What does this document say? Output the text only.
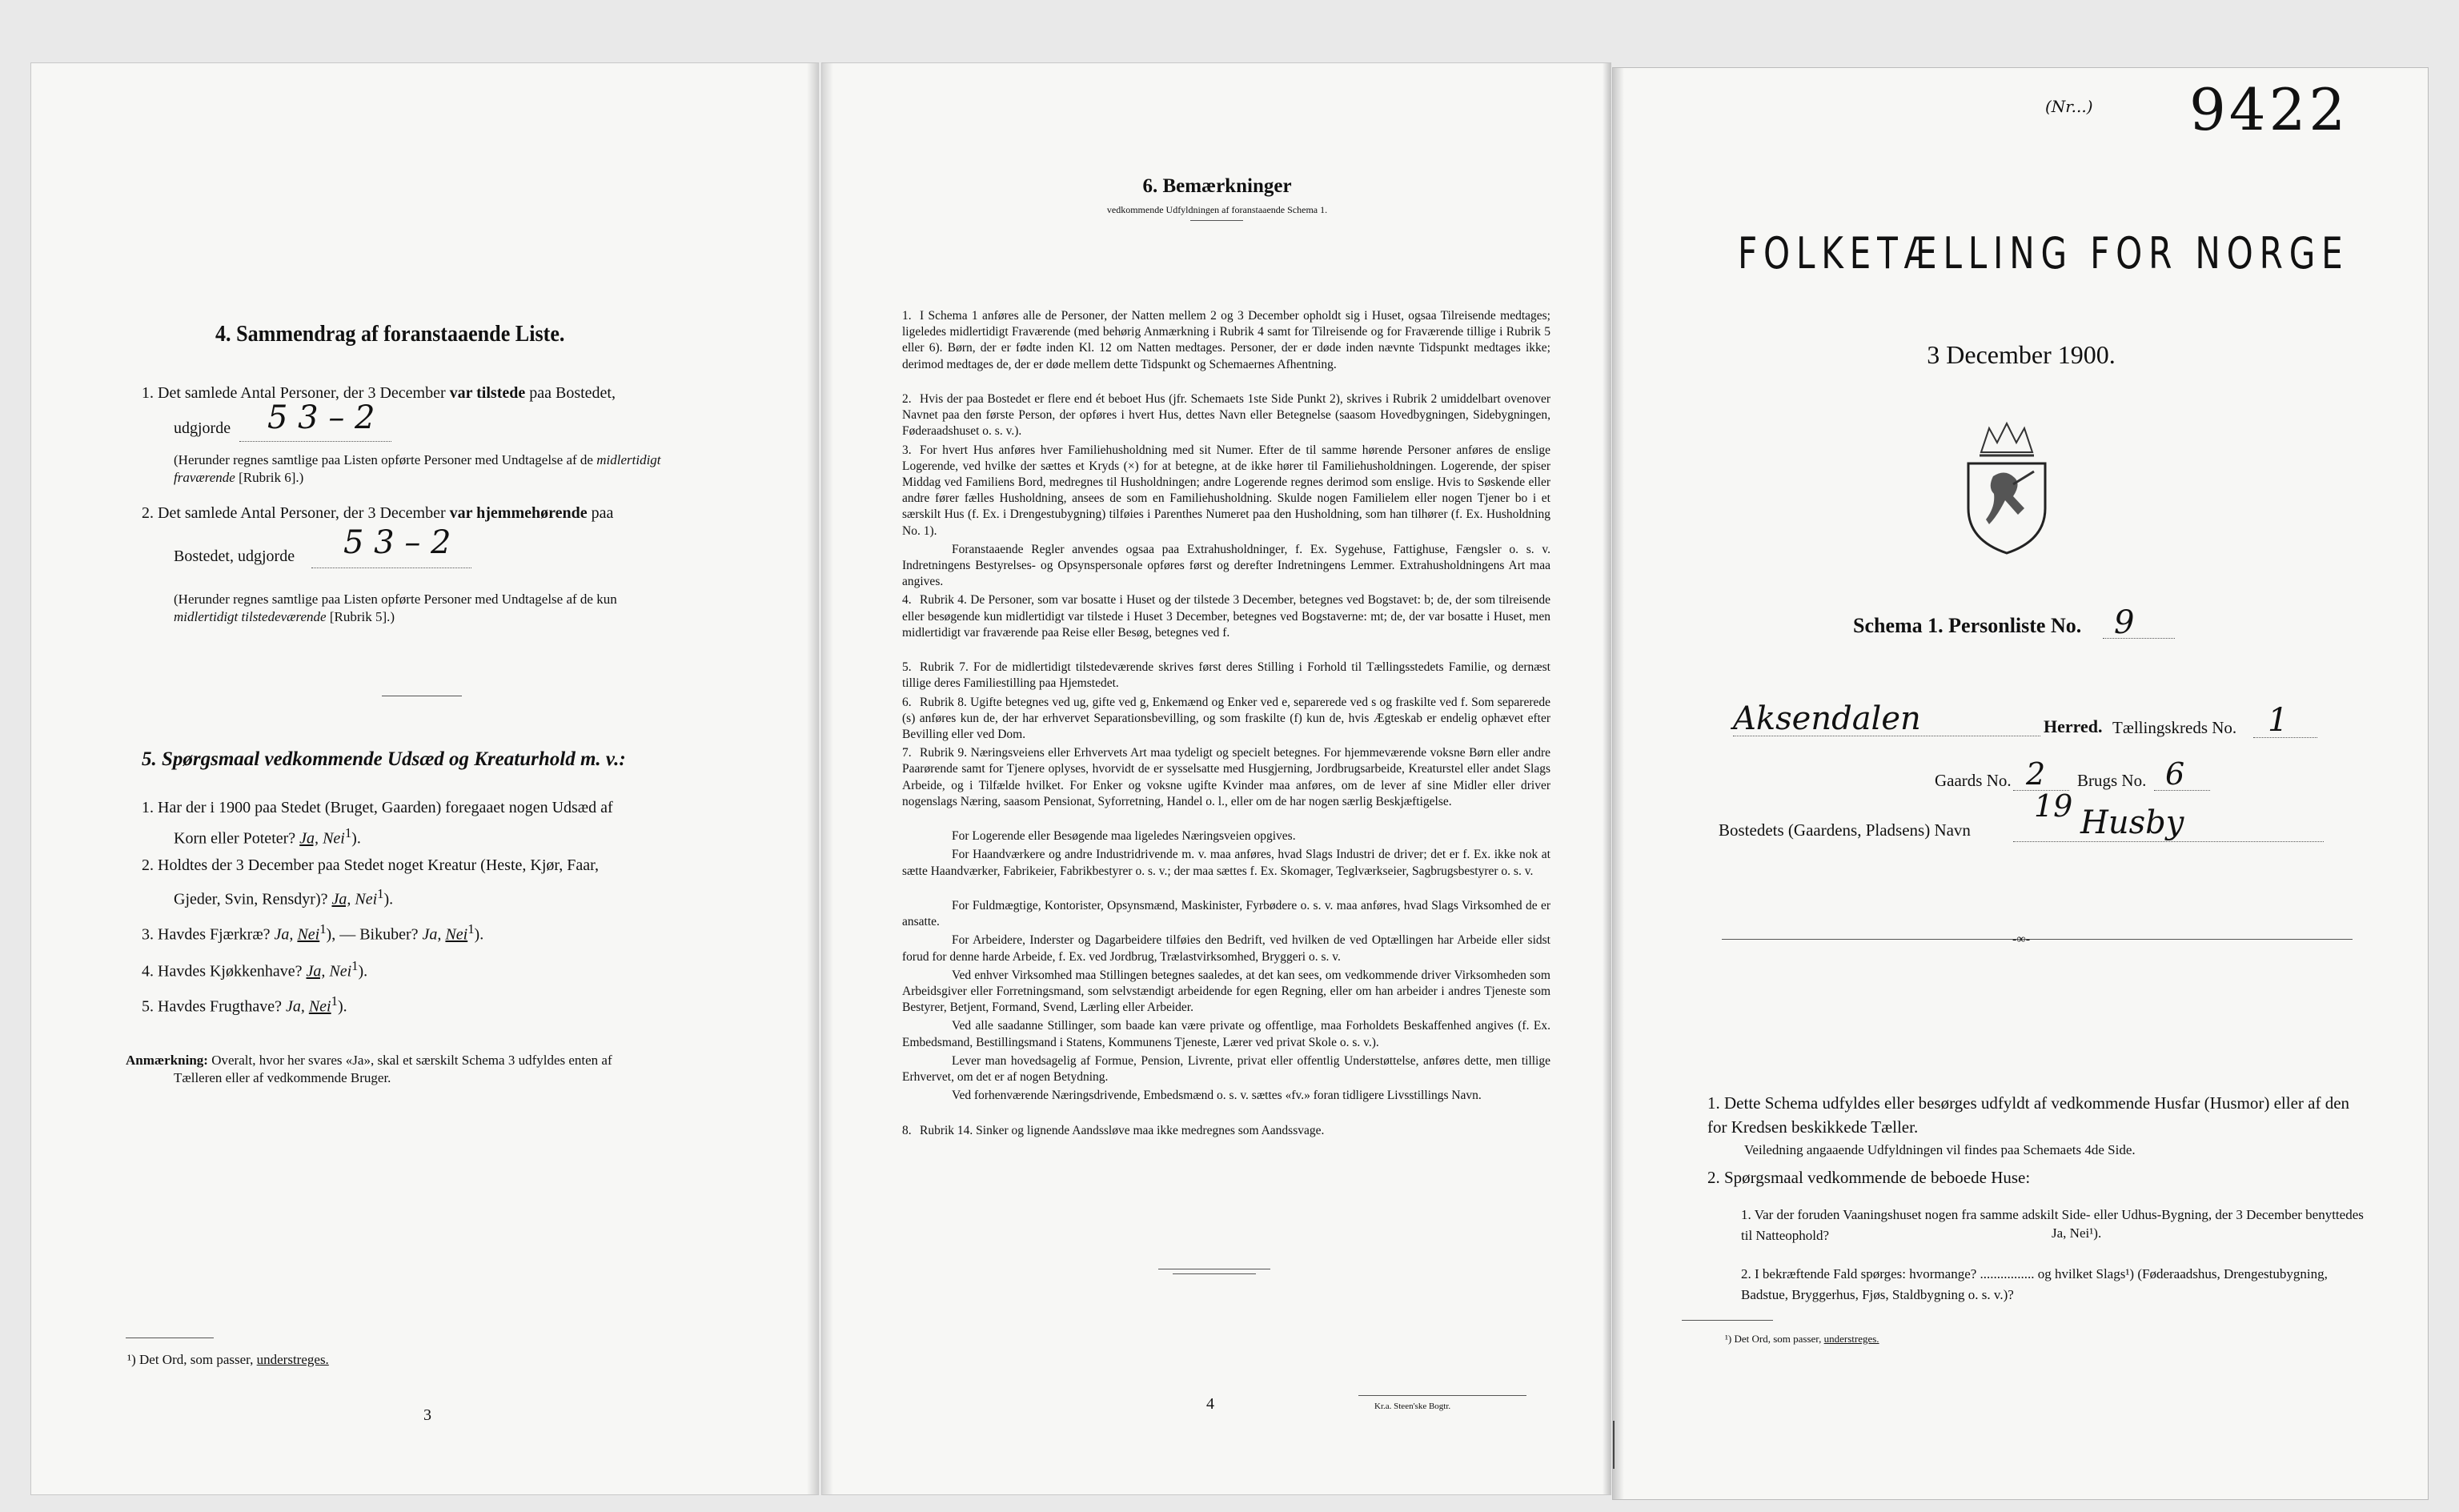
4. Sammendrag af foranstaaende Liste.
1. Det samlede Antal Personer, der 3 December var tilstede paa Bostedet,
udgjorde 5 3 – 2
(Herunder regnes samtlige paa Listen opførte Personer med Undtagelse af de midlertidigt
fraværende [Rubrik 6].)
2. Det samlede Antal Personer, der 3 December var hjemmehørende paa
Bostedet, udgjorde 5 3 – 2
(Herunder regnes samtlige paa Listen opførte Personer med Undtagelse af de kun
midlertidigt tilstedeværende [Rubrik 5].)
5. Spørgsmaal vedkommende Udsæd og Kreaturhold m. v.:
1. Har der i 1900 paa Stedet (Bruget, Gaarden) foregaaet nogen Udsæd af
Korn eller Poteter? Ja, Nei$^1$).
2. Holdtes der 3 December paa Stedet noget Kreatur (Heste, Kjør, Faar,
Gjeder, Svin, Rensdyr)? Ja, Nei$^1$).
3. Havdes Fjærkræ? Ja, Nei$^1$), — Bikuber? Ja, Nei$^1$).
4. Havdes Kjøkkenhave? Ja, Nei$^1$).
5. Havdes Frugthave? Ja, Nei$^1$).
Anmærkning: Overalt, hvor her svares «Ja», skal et særskilt Schema 3 udfyldes enten af
Tælleren eller af vedkommende Bruger.
¹) Det Ord, som passer, understreges.
3
6. Bemærkninger
vedkommende Udfyldningen af foranstaaende Schema 1.
1. I Schema 1 anføres alle de Personer, der Natten mellem 2 og 3 December opholdt sig i Huset, ogsaa Tilreisende medtages; ligeledes midlertidigt Fraværende (med behørig Anmærkning i Rubrik 4 samt for Tilreisende og for Fraværende tillige i Rubrik 5 eller 6). Børn, der er fødte inden Kl. 12 om Natten medtages. Personer, der er døde inden nævnte Tidspunkt medtages ikke; derimod medtages de, der er døde mellem dette Tidspunkt og Schemaernes Afhentning.
2. Hvis der paa Bostedet er flere end ét beboet Hus (jfr. Schemaets 1ste Side Punkt 2), skrives i Rubrik 2 umiddelbart ovenover Navnet paa den første Person, der opføres i hvert Hus, dettes Navn eller Betegnelse (saasom Hovedbygningen, Sidebygningen, Føderaadshuset o. s. v.).
3. For hvert Hus anføres hver Familiehusholdning med sit Numer. Efter de til samme hørende Personer anføres de enslige Logerende, ved hvilke der sættes et Kryds (×) for at betegne, at de ikke hører til Familiehusholdningen. Logerende, der spiser Middag ved Familiens Bord, medregnes til Husholdningen; andre Logerende regnes derimod som enslige. Hvis to Søskende eller andre fører fælles Husholdning, ansees de som en Familiehusholdning. Skulde nogen Familielem eller nogen Tjener bo i et særskilt Hus (f. Ex. i Drengestubygning) tilføies i Parenthes Numeret paa den Husholdning, som han tilhører (f. Ex. Husholdning No. 1).
Foranstaaende Regler anvendes ogsaa paa Extrahusholdninger, f. Ex. Sygehuse, Fattighuse, Fængsler o. s. v. Indretningens Bestyrelses- og Opsynspersonale opføres først og derefter Indretningens Lemmer. Extrahusholdningens Art maa angives.
4. Rubrik 4. De Personer, som var bosatte i Huset og der tilstede 3 December, betegnes ved Bogstavet: b; de, der som tilreisende eller besøgende kun midlertidigt var tilstede i Huset 3 December, betegnes ved Bogstaverne: mt; de, der var bosatte i Huset, men midlertidigt var fraværende paa Reise eller Besøg, betegnes ved f.
5. Rubrik 7. For de midlertidigt tilstedeværende skrives først deres Stilling i Forhold til Tællingsstedets Familie, og dernæst tillige deres Familiestilling paa Hjemstedet.
6. Rubrik 8. Ugifte betegnes ved ug, gifte ved g, Enkemænd og Enker ved e, separerede ved s og fraskilte ved f. Som separerede (s) anføres kun de, der har erhvervet Separationsbevilling, og som fraskilte (f) kun de, hvis Ægteskab er endelig ophævet efter Bevilling eller ved Dom.
7. Rubrik 9. Næringsveiens eller Erhvervets Art maa tydeligt og specielt betegnes. For hjemmeværende voksne Børn eller andre Paarørende samt for Tjenere oplyses, hvorvidt de er sysselsatte med Husgjerning, Jordbrugsarbeide, Kreaturstel eller andet Slags Arbeide, og i Tilfælde hvilket. For Enker og voksne ugifte Kvinder maa anføres, om de lever af sine Midler eller driver nogenslags Næring, saasom Pensionat, Syforretning, Handel o. l., eller om de har nogen særlig Beskjæftigelse.
For Logerende eller Besøgende maa ligeledes Næringsveien opgives.
For Haandværkere og andre Industridrivende m. v. maa anføres, hvad Slags Industri de driver; det er f. Ex. ikke nok at sætte Haandværker, Fabrikeier, Fabrikbestyrer o. s. v.; der maa sættes f. Ex. Skomager, Teglværkseier, Sagbrugsbestyrer o. s. v.
For Fuldmægtige, Kontorister, Opsynsmænd, Maskinister, Fyrbødere o. s. v. maa anføres, hvad Slags Virksomhed de er ansatte.
For Arbeidere, Inderster og Dagarbeidere tilføies den Bedrift, ved hvilken de ved Optællingen har Arbeide eller sidst forud for denne harde Arbeide, f. Ex. ved Jordbrug, Trælastvirksomhed, Bryggeri o. s. v.
Ved enhver Virksomhed maa Stillingen betegnes saaledes, at det kan sees, om vedkommende driver Virksomheden som Arbeidsgiver eller Forretningsmand, som selvstændigt arbeidende for egen Regning, eller om han arbeider i andres Tjeneste som Bestyrer, Betjent, Formand, Svend, Lærling eller Arbeider.
Ved alle saadanne Stillinger, som baade kan være private og offentlige, maa Forholdets Beskaffenhed angives (f. Ex. Embedsmand, Bestillingsmand i Statens, Kommunens Tjeneste, Lærer ved privat Skole o. s. v.).
Lever man hovedsagelig af Formue, Pension, Livrente, privat eller offentlig Understøttelse, anføres dette, men tillige Erhvervet, om det er af nogen Betydning.
Ved forhenværende Næringsdrivende, Embedsmænd o. s. v. sættes «fv.» foran tidligere Livsstillings Navn.
8. Rubrik 14. Sinker og lignende Aandssløve maa ikke medregnes som Aandssvage.
4	Kr.a. Steen'ske Bogtr.
(Nr...) 9422
FOLKETÆLLING FOR NORGE
3 December 1900.
Schema 1. Personliste No. 9
Aksendalen	Herred. Tællingskreds No. 1
Gaards No. 2 Brugs No. 6
Bostedets (Gaardens, Pladsens) Navn
19 Husby
-∞-
1. Dette Schema udfyldes eller besørges udfyldt af vedkommende Husfar (Husmor) eller af den for Kredsen beskikkede Tæller.
Veiledning angaaende Udfyldningen vil findes paa Schemaets 4de Side.
2. Spørgsmaal vedkommende de beboede Huse:
1. Var der foruden Vaaningshuset nogen fra samme adskilt Side- eller Udhus-Bygning, der 3 December benyttedes til Natteophold?	Ja, Nei¹).
2. I bekræftende Fald spørges: hvormange? ................ og hvilket Slags¹) (Føderaadshus, Drengestubygning, Badstue, Bryggerhus, Fjøs, Staldbygning o. s. v.)?
¹) Det Ord, som passer, understreges.
